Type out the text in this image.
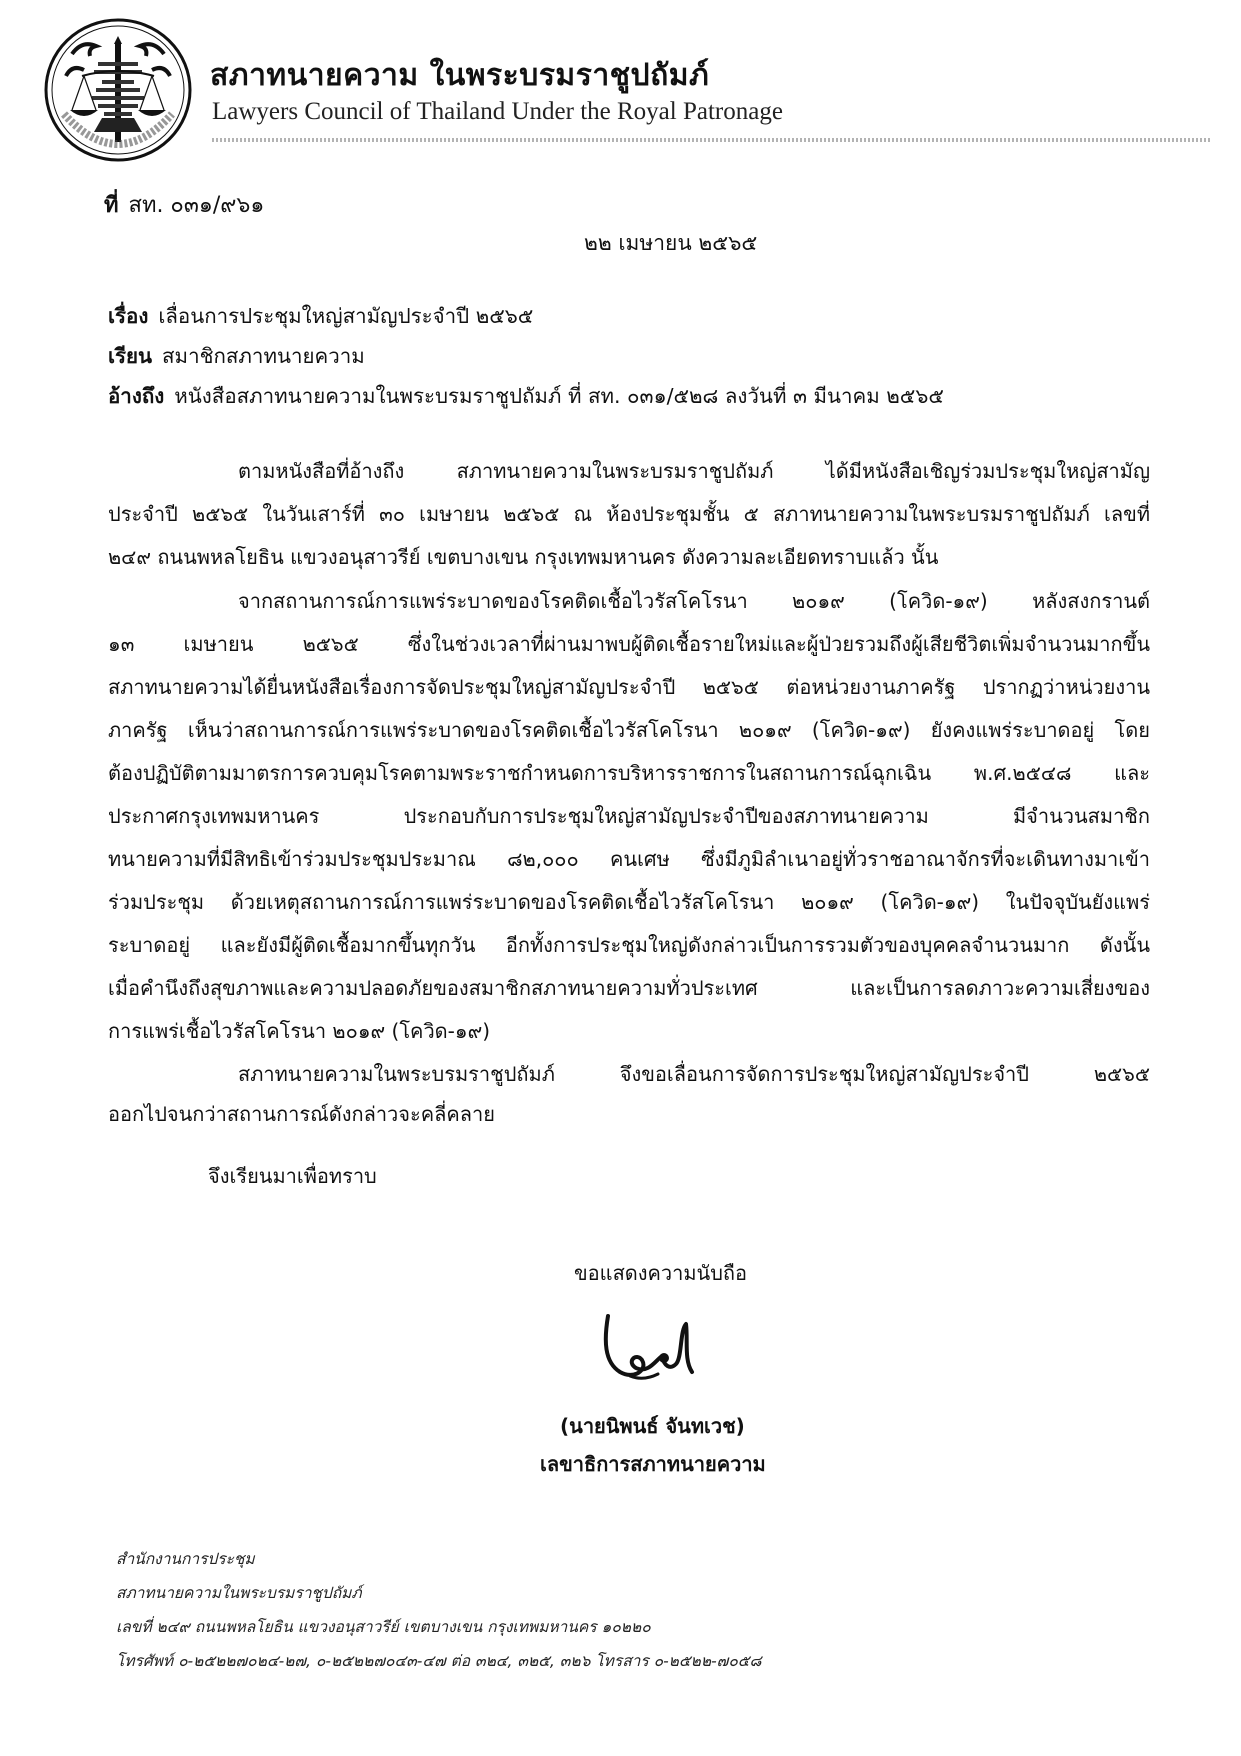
สภาทนายความ ในพระบรมราชูปถัมภ์
Lawyers Council of Thailand Under the Royal Patronage
ที่ สท. ๐๓๑/๙๖๑
๒๒ เมษายน ๒๕๖๕
เรื่อง เลื่อนการประชุมใหญ่สามัญประจำปี ๒๕๖๕
เรียน สมาชิกสภาทนายความ
อ้างถึง หนังสือสภาทนายความในพระบรมราชูปถัมภ์ ที่ สท. ๐๓๑/๕๒๘ ลงวันที่ ๓ มีนาคม ๒๕๖๕
ตามหนังสือที่อ้างถึง สภาทนายความในพระบรมราชูปถัมภ์ ได้มีหนังสือเชิญร่วมประชุมใหญ่สามัญ
ประจำปี ๒๕๖๕ ในวันเสาร์ที่ ๓๐ เมษายน ๒๕๖๕ ณ ห้องประชุมชั้น ๕ สภาทนายความในพระบรมราชูปถัมภ์ เลขที่
๒๔๙ ถนนพหลโยธิน แขวงอนุสาวรีย์ เขตบางเขน กรุงเทพมหานคร ดังความละเอียดทราบแล้ว นั้น
จากสถานการณ์การแพร่ระบาดของโรคติดเชื้อไวรัสโคโรนา ๒๐๑๙ (โควิด-๑๙) หลังสงกรานต์
๑๓ เมษายน ๒๕๖๕ ซึ่งในช่วงเวลาที่ผ่านมาพบผู้ติดเชื้อรายใหม่และผู้ป่วยรวมถึงผู้เสียชีวิตเพิ่มจำนวนมากขึ้น
สภาทนายความได้ยื่นหนังสือเรื่องการจัดประชุมใหญ่สามัญประจำปี ๒๕๖๕ ต่อหน่วยงานภาครัฐ ปรากฏว่าหน่วยงาน
ภาครัฐ เห็นว่าสถานการณ์การแพร่ระบาดของโรคติดเชื้อไวรัสโคโรนา ๒๐๑๙ (โควิด-๑๙) ยังคงแพร่ระบาดอยู่ โดย
ต้องปฏิบัติตามมาตรการควบคุมโรคตามพระราชกำหนดการบริหารราชการในสถานการณ์ฉุกเฉิน พ.ศ.๒๕๔๘ และ
ประกาศกรุงเทพมหานคร ประกอบกับการประชุมใหญ่สามัญประจำปีของสภาทนายความ มีจำนวนสมาชิก
ทนายความที่มีสิทธิเข้าร่วมประชุมประมาณ ๘๒,๐๐๐ คนเศษ ซึ่งมีภูมิลำเนาอยู่ทั่วราชอาณาจักรที่จะเดินทางมาเข้า
ร่วมประชุม ด้วยเหตุสถานการณ์การแพร่ระบาดของโรคติดเชื้อไวรัสโคโรนา ๒๐๑๙ (โควิด-๑๙) ในปัจจุบันยังแพร่
ระบาดอยู่ และยังมีผู้ติดเชื้อมากขึ้นทุกวัน อีกทั้งการประชุมใหญ่ดังกล่าวเป็นการรวมตัวของบุคคลจำนวนมาก ดังนั้น
เมื่อคำนึงถึงสุขภาพและความปลอดภัยของสมาชิกสภาทนายความทั่วประเทศ และเป็นการลดภาวะความเสี่ยงของ
การแพร่เชื้อไวรัสโคโรนา ๒๐๑๙ (โควิด-๑๙)
สภาทนายความในพระบรมราชูปถัมภ์ จึงขอเลื่อนการจัดการประชุมใหญ่สามัญประจำปี ๒๕๖๕
ออกไปจนกว่าสถานการณ์ดังกล่าวจะคลี่คลาย
จึงเรียนมาเพื่อทราบ
ขอแสดงความนับถือ
(นายนิพนธ์ จันทเวช)
เลขาธิการสภาทนายความ
สำนักงานการประชุม
สภาทนายความในพระบรมราชูปถัมภ์
เลขที่ ๒๔๙ ถนนพหลโยธิน แขวงอนุสาวรีย์ เขตบางเขน กรุงเทพมหานคร ๑๐๒๒๐
โทรศัพท์ ๐-๒๕๒๒๗๐๒๔-๒๗, ๐-๒๕๒๒๗๐๔๓-๔๗ ต่อ ๓๒๔, ๓๒๕, ๓๒๖ โทรสาร ๐-๒๕๒๒-๗๐๕๘
